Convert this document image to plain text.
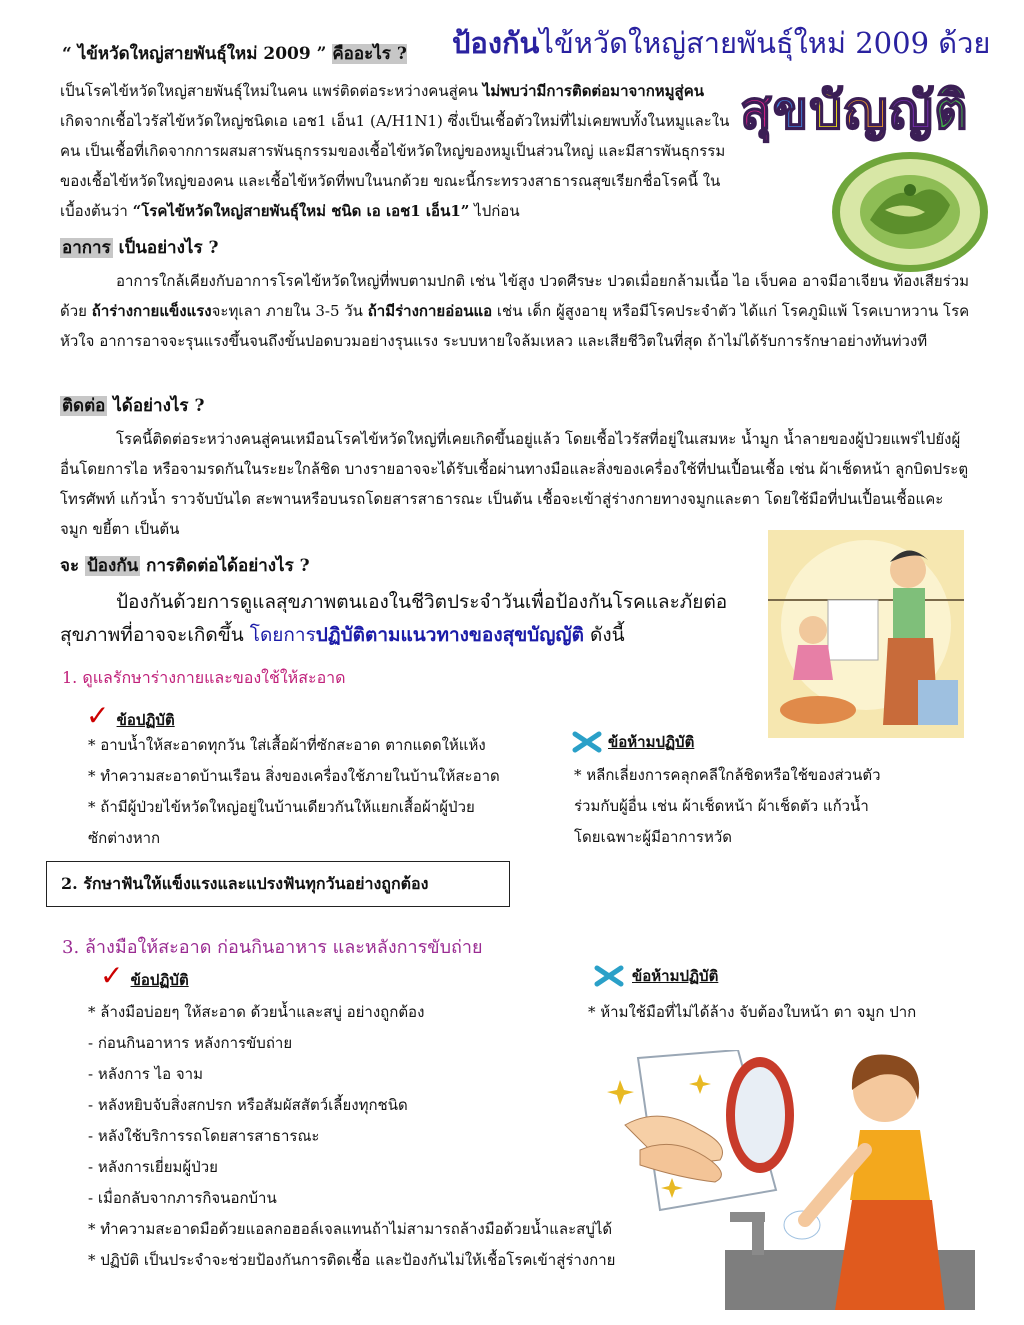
ป้องกันไข้หวัดใหญ่สายพันธุ์ใหม่ 2009 ด้วย
สุขบัญญัติ
“ ไข้หวัดใหญ่สายพันธุ์ใหม่ 2009 ” คืออะไร ?
เป็นโรคไข้หวัดใหญ่สายพันธุ์ใหม่ในคน แพร่ติดต่อระหว่างคนสู่คน ไม่พบว่ามีการติดต่อมาจากหมูสู่คน เกิดจากเชื้อไวรัสไข้หวัดใหญ่ชนิดเอ เอช1 เอ็น1 (A/H1N1) ซึ่งเป็นเชื้อตัวใหม่ที่ไม่เคยพบทั้งในหมูและในคน เป็นเชื้อที่เกิดจากการผสมสารพันธุกรรมของเชื้อไข้หวัดใหญ่ของหมูเป็นส่วนใหญ่ และมีสารพันธุกรรมของเชื้อไข้หวัดใหญ่ของคน และเชื้อไข้หวัดที่พบในนกด้วย ขณะนี้กระทรวงสาธารณสุขเรียกชื่อโรคนี้ ในเบื้องต้นว่า “โรคไข้หวัดใหญ่สายพันธุ์ใหม่ ชนิด เอ เอช1 เอ็น1” ไปก่อน
อาการ เป็นอย่างไร ?
อาการใกล้เคียงกับอาการโรคไข้หวัดใหญ่ที่พบตามปกติ เช่น ไข้สูง ปวดศีรษะ ปวดเมื่อยกล้ามเนื้อ ไอ เจ็บคอ อาจมีอาเจียน ท้องเสียร่วมด้วย ถ้าร่างกายแข็งแรงจะทุเลา ภายใน 3-5 วัน ถ้ามีร่างกายอ่อนแอ เช่น เด็ก ผู้สูงอายุ หรือมีโรคประจำตัว ได้แก่ โรคภูมิแพ้ โรคเบาหวาน โรคหัวใจ อาการอาจจะรุนแรงขึ้นจนถึงขั้นปอดบวมอย่างรุนแรง ระบบหายใจล้มเหลว และเสียชีวิตในที่สุด ถ้าไม่ได้รับการรักษาอย่างทันท่วงที
ติดต่อ ได้อย่างไร ?
โรคนี้ติดต่อระหว่างคนสู่คนเหมือนโรคไข้หวัดใหญ่ที่เคยเกิดขึ้นอยู่แล้ว โดยเชื้อไวรัสที่อยู่ในเสมหะ น้ำมูก น้ำลายของผู้ป่วยแพร่ไปยังผู้อื่นโดยการไอ หรือจามรดกันในระยะใกล้ชิด บางรายอาจจะได้รับเชื้อผ่านทางมือและสิ่งของเครื่องใช้ที่ปนเปื้อนเชื้อ เช่น ผ้าเช็ดหน้า ลูกบิดประตู โทรศัพท์ แก้วน้ำ ราวจับบันได สะพานหรือบนรถโดยสารสาธารณะ เป็นต้น เชื้อจะเข้าสู่ร่างกายทางจมูกและตา โดยใช้มือที่ปนเปื้อนเชื้อแคะจมูก ขยี้ตา เป็นต้น
จะ ป้องกัน การติดต่อได้อย่างไร ?
ป้องกันด้วยการดูแลสุขภาพตนเองในชีวิตประจำวันเพื่อป้องกันโรคและภัยต่อสุขภาพที่อาจจะเกิดขึ้น โดยการปฏิบัติตามแนวทางของสุขบัญญัติ ดังนี้
1. ดูแลรักษาร่างกายและของใช้ให้สะอาด
✓ ข้อปฏิบัติ
* อาบน้ำให้สะอาดทุกวัน ใส่เสื้อผ้าที่ซักสะอาด ตากแดดให้แห้ง
* ทำความสะอาดบ้านเรือน สิ่งของเครื่องใช้ภายในบ้านให้สะอาด
* ถ้ามีผู้ป่วยไข้หวัดใหญ่อยู่ในบ้านเดียวกันให้แยกเสื้อผ้าผู้ป่วย
ซักต่างหาก
ข้อห้ามปฏิบัติ
* หลีกเลี่ยงการคลุกคลีใกล้ชิดหรือใช้ของส่วนตัว
ร่วมกับผู้อื่น เช่น ผ้าเช็ดหน้า ผ้าเช็ดตัว แก้วน้ำ
โดยเฉพาะผู้มีอาการหวัด
2. รักษาฟันให้แข็งแรงและแปรงฟันทุกวันอย่างถูกต้อง
3. ล้างมือให้สะอาด ก่อนกินอาหาร และหลังการขับถ่าย
✓ ข้อปฏิบัติ
* ล้างมือบ่อยๆ ให้สะอาด ด้วยน้ำและสบู่ อย่างถูกต้อง
- ก่อนกินอาหาร หลังการขับถ่าย
- หลังการ ไอ จาม
- หลังหยิบจับสิ่งสกปรก หรือสัมผัสสัตว์เลี้ยงทุกชนิด
- หลังใช้บริการรถโดยสารสาธารณะ
- หลังการเยี่ยมผู้ป่วย
- เมื่อกลับจากภารกิจนอกบ้าน
* ทำความสะอาดมือด้วยแอลกอฮอล์เจลแทนถ้าไม่สามารถล้างมือด้วยน้ำและสบู่ได้
* ปฏิบัติ เป็นประจำจะช่วยป้องกันการติดเชื้อ และป้องกันไม่ให้เชื้อโรคเข้าสู่ร่างกาย
ข้อห้ามปฏิบัติ
* ห้ามใช้มือที่ไม่ได้ล้าง จับต้องใบหน้า ตา จมูก ปาก
